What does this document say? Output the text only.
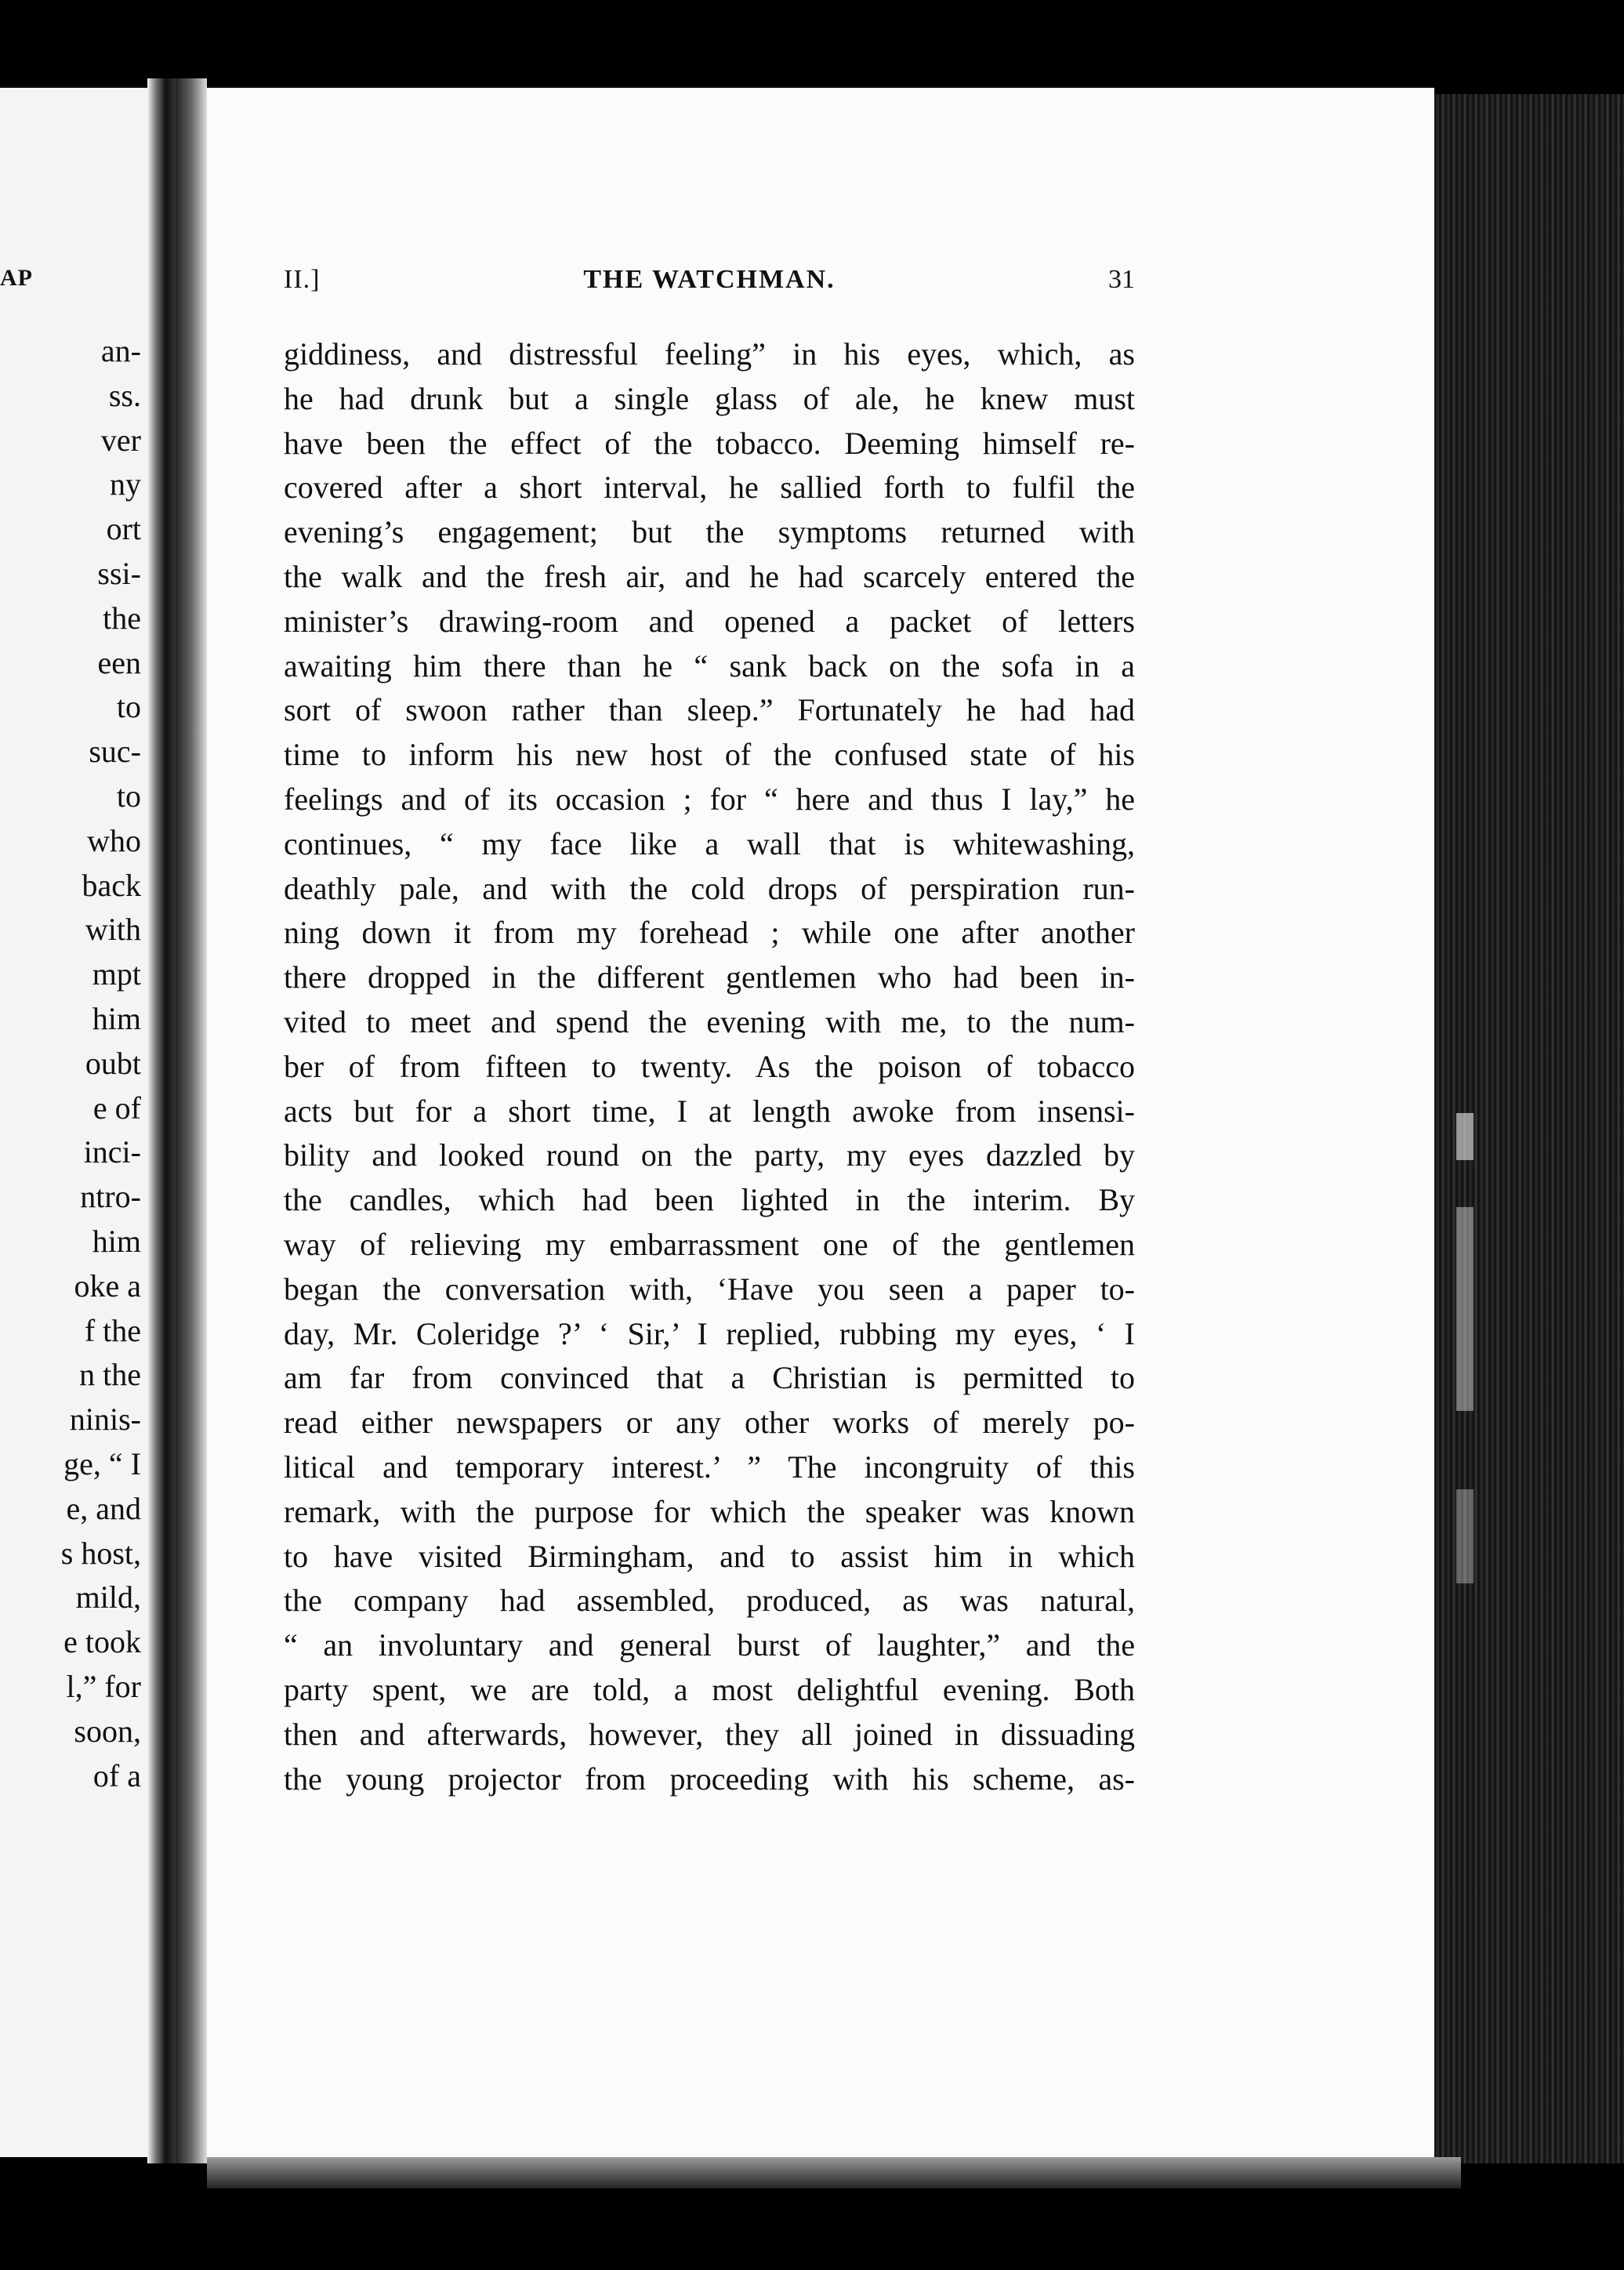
AP
an-
ss.
ver
ny
ort
ssi-
the
een
to
suc-
to
who
back
with
mpt
him
oubt
e of
inci-
ntro-
him
oke a
f the
n the
ninis-
ge, “ I
e, and
s host,
mild,
e took
l,” for
soon,
of a
II.]	THE WATCHMAN.	31
giddiness, and distressful feeling” in his eyes, which, as
he had drunk but a single glass of ale, he knew must
have been the effect of the tobacco. Deeming himself re-
covered after a short interval, he sallied forth to fulfil the
evening’s engagement; but the symptoms returned with
the walk and the fresh air, and he had scarcely entered the
minister’s drawing-room and opened a packet of letters
awaiting him there than he “ sank back on the sofa in a
sort of swoon rather than sleep.” Fortunately he had had
time to inform his new host of the confused state of his
feelings and of its occasion ; for “ here and thus I lay,” he
continues, “ my face like a wall that is whitewashing,
deathly pale, and with the cold drops of perspiration run-
ning down it from my forehead ; while one after another
there dropped in the different gentlemen who had been in-
vited to meet and spend the evening with me, to the num-
ber of from fifteen to twenty. As the poison of tobacco
acts but for a short time, I at length awoke from insensi-
bility and looked round on the party, my eyes dazzled by
the candles, which had been lighted in the interim. By
way of relieving my embarrassment one of the gentlemen
began the conversation with, ‘Have you seen a paper to-
day, Mr. Coleridge ?’ ‘ Sir,’ I replied, rubbing my eyes, ‘ I
am far from convinced that a Christian is permitted to
read either newspapers or any other works of merely po-
litical and temporary interest.’ ” The incongruity of this
remark, with the purpose for which the speaker was known
to have visited Birmingham, and to assist him in which
the company had assembled, produced, as was natural,
“ an involuntary and general burst of laughter,” and the
party spent, we are told, a most delightful evening. Both
then and afterwards, however, they all joined in dissuading
the young projector from proceeding with his scheme, as-
